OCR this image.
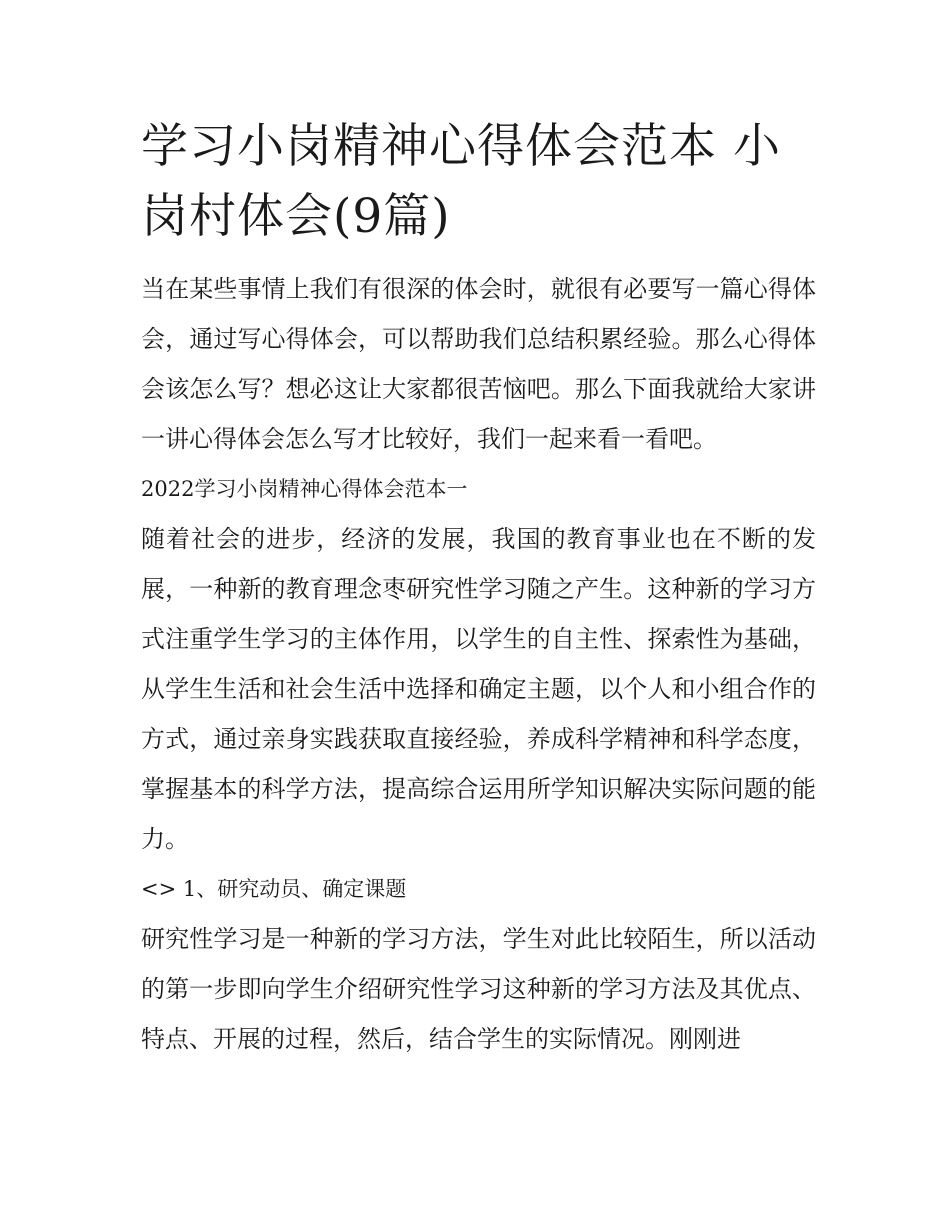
学习小岗精神心得体会范本 小岗村体会(9篇)

当在某些事情上我们有很深的体会时，就很有必要写一篇心得体会，通过写心得体会，可以帮助我们总结积累经验。那么心得体会该怎么写？想必这让大家都很苦恼吧。那么下面我就给大家讲一讲心得体会怎么写才比较好，我们一起来看一看吧。

2022学习小岗精神心得体会范本一

随着社会的进步，经济的发展，我国的教育事业也在不断的发展，一种新的教育理念枣研究性学习随之产生。这种新的学习方式注重学生学习的主体作用，以学生的自主性、探索性为基础，从学生生活和社会生活中选择和确定主题，以个人和小组合作的方式，通过亲身实践获取直接经验，养成科学精神和科学态度，掌握基本的科学方法，提高综合运用所学知识解决实际问题的能力。

<> 1、研究动员、确定课题

研究性学习是一种新的学习方法，学生对此比较陌生，所以活动的第一步即向学生介绍研究性学习这种新的学习方法及其优点、特点、开展的过程，然后，结合学生的实际情况。刚刚进
